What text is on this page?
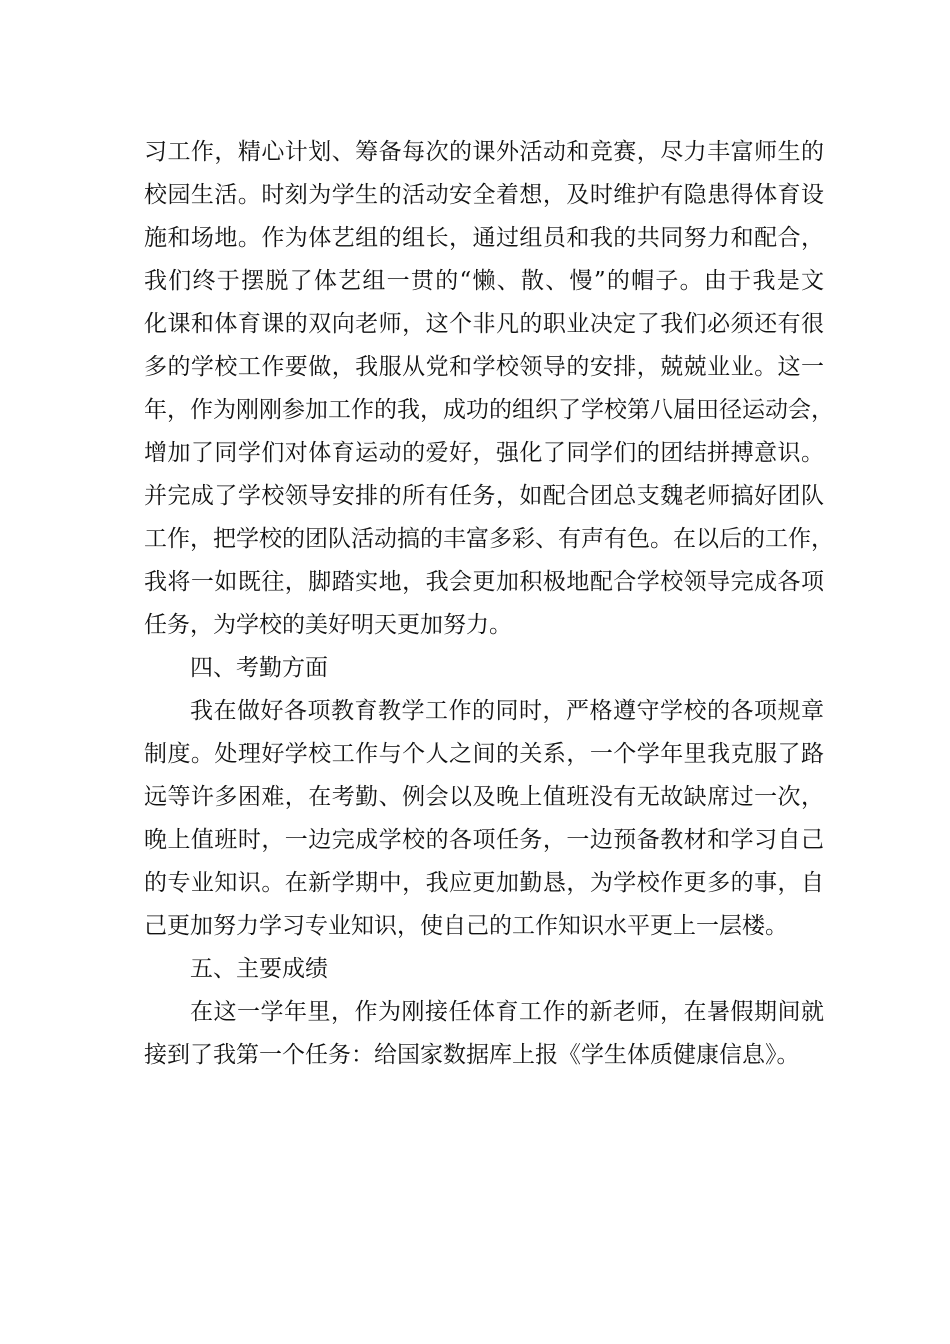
习工作，精心计划、筹备每次的课外活动和竞赛，尽力丰富师生的
校园生活。时刻为学生的活动安全着想，及时维护有隐患得体育设
施和场地。作为体艺组的组长，通过组员和我的共同努力和配合，
我们终于摆脱了体艺组一贯的“懒、散、慢”的帽子。由于我是文
化课和体育课的双向老师，这个非凡的职业决定了我们必须还有很
多的学校工作要做，我服从党和学校领导的安排，兢兢业业。这一
年，作为刚刚参加工作的我，成功的组织了学校第八届田径运动会，
增加了同学们对体育运动的爱好，强化了同学们的团结拼搏意识。
并完成了学校领导安排的所有任务，如配合团总支魏老师搞好团队
工作，把学校的团队活动搞的丰富多彩、有声有色。在以后的工作，
我将一如既往，脚踏实地，我会更加积极地配合学校领导完成各项
任务，为学校的美好明天更加努力。
四、考勤方面
我在做好各项教育教学工作的同时，严格遵守学校的各项规章
制度。处理好学校工作与个人之间的关系，一个学年里我克服了路
远等许多困难，在考勤、例会以及晚上值班没有无故缺席过一次，
晚上值班时，一边完成学校的各项任务，一边预备教材和学习自己
的专业知识。在新学期中，我应更加勤恳，为学校作更多的事，自
己更加努力学习专业知识，使自己的工作知识水平更上一层楼。
五、主要成绩
在这一学年里，作为刚接任体育工作的新老师，在暑假期间就
接到了我第一个任务：给国家数据库上报《学生体质健康信息》。
